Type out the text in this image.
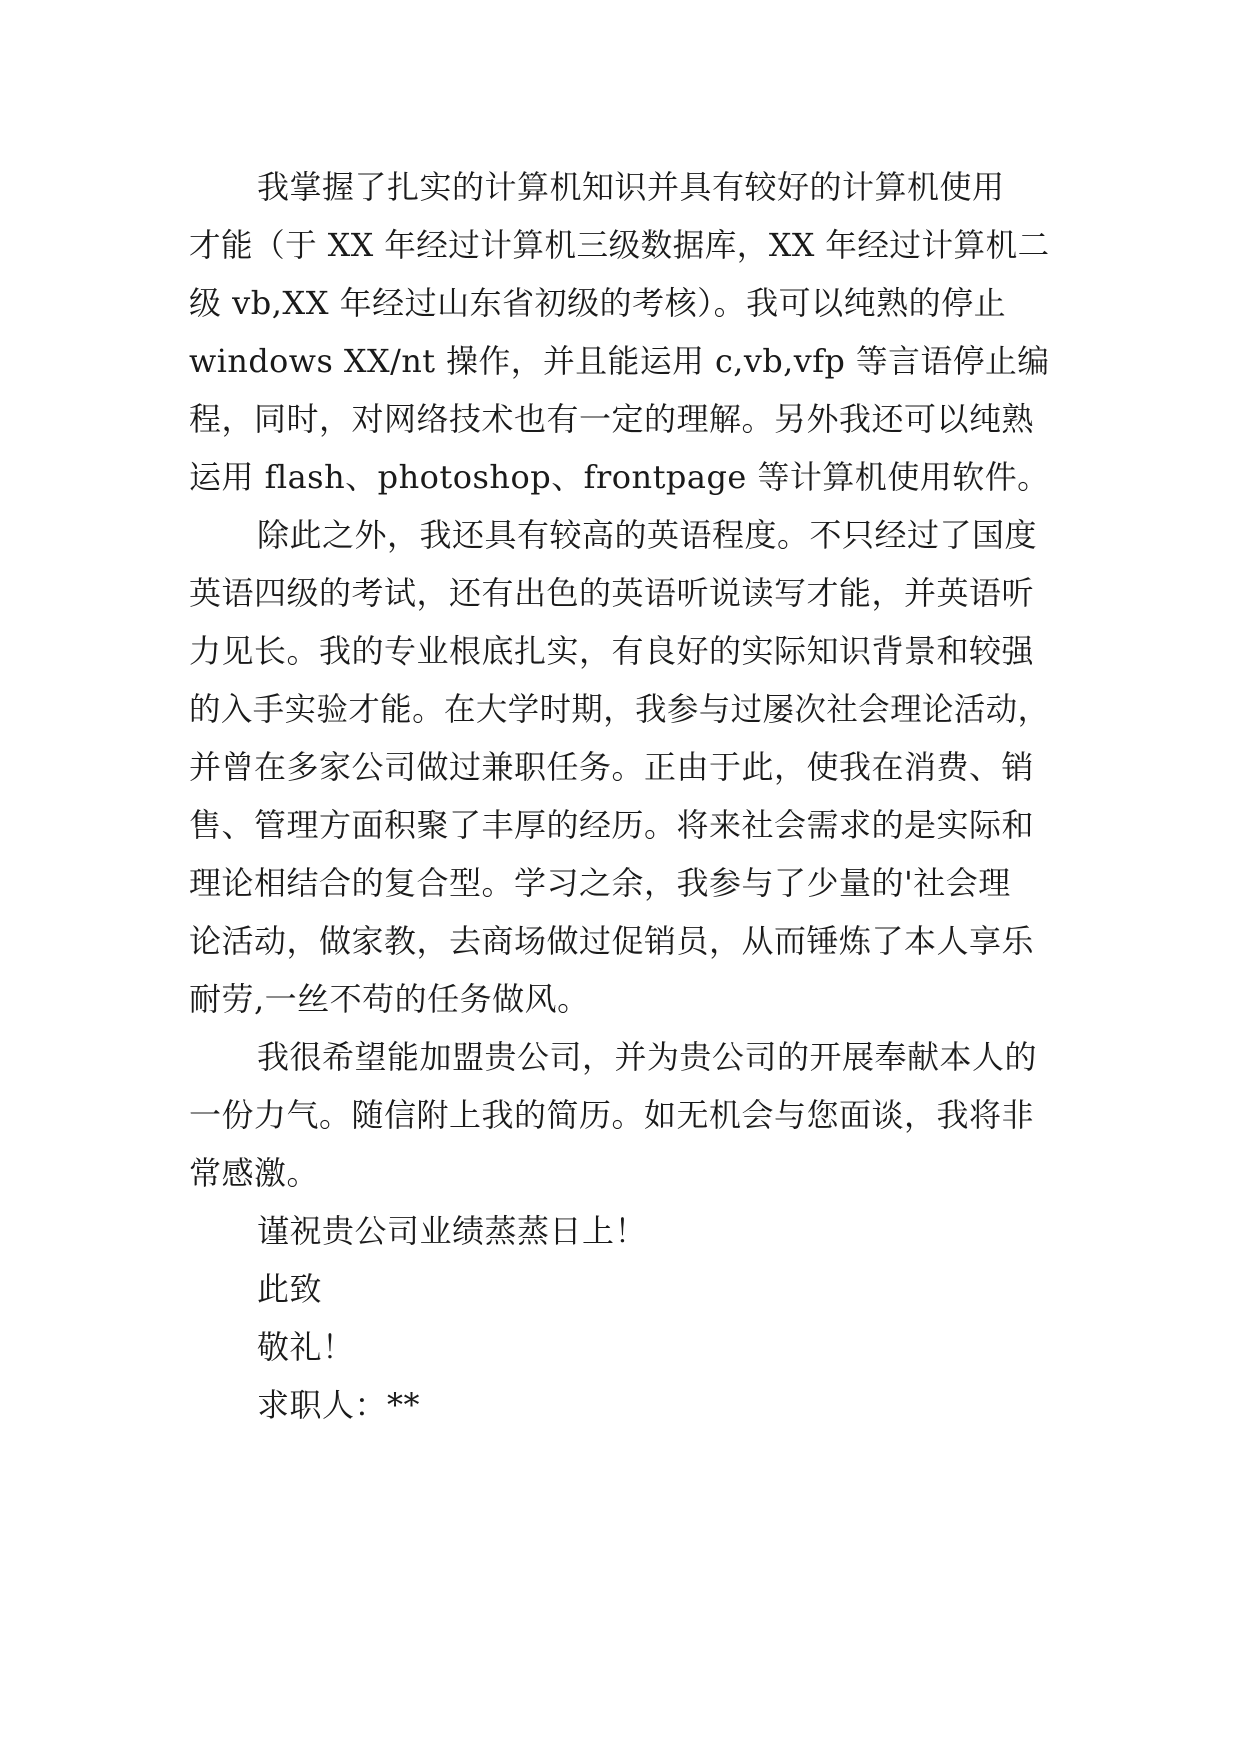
我掌握了扎实的计算机知识并具有较好的计算机使用
才能（于 XX 年经过计算机三级数据库，XX 年经过计算机二
级 vb,XX 年经过山东省初级的考核）。我可以纯熟的停止
windows XX/nt 操作，并且能运用 c,vb,vfp 等言语停止编
程，同时，对网络技术也有一定的理解。另外我还可以纯熟
运用 flash、photoshop、frontpage 等计算机使用软件。
除此之外，我还具有较高的英语程度。不只经过了国度
英语四级的考试，还有出色的英语听说读写才能，并英语听
力见长。我的专业根底扎实，有良好的实际知识背景和较强
的入手实验才能。在大学时期，我参与过屡次社会理论活动，
并曾在多家公司做过兼职任务。正由于此，使我在消费、销
售、管理方面积聚了丰厚的经历。将来社会需求的是实际和
理论相结合的复合型。学习之余，我参与了少量的'社会理
论活动，做家教，去商场做过促销员，从而锤炼了本人享乐
耐劳,一丝不苟的任务做风。
我很希望能加盟贵公司，并为贵公司的开展奉献本人的
一份力气。随信附上我的简历。如无机会与您面谈，我将非
常感激。
谨祝贵公司业绩蒸蒸日上！
此致
敬礼！
求职人：**
